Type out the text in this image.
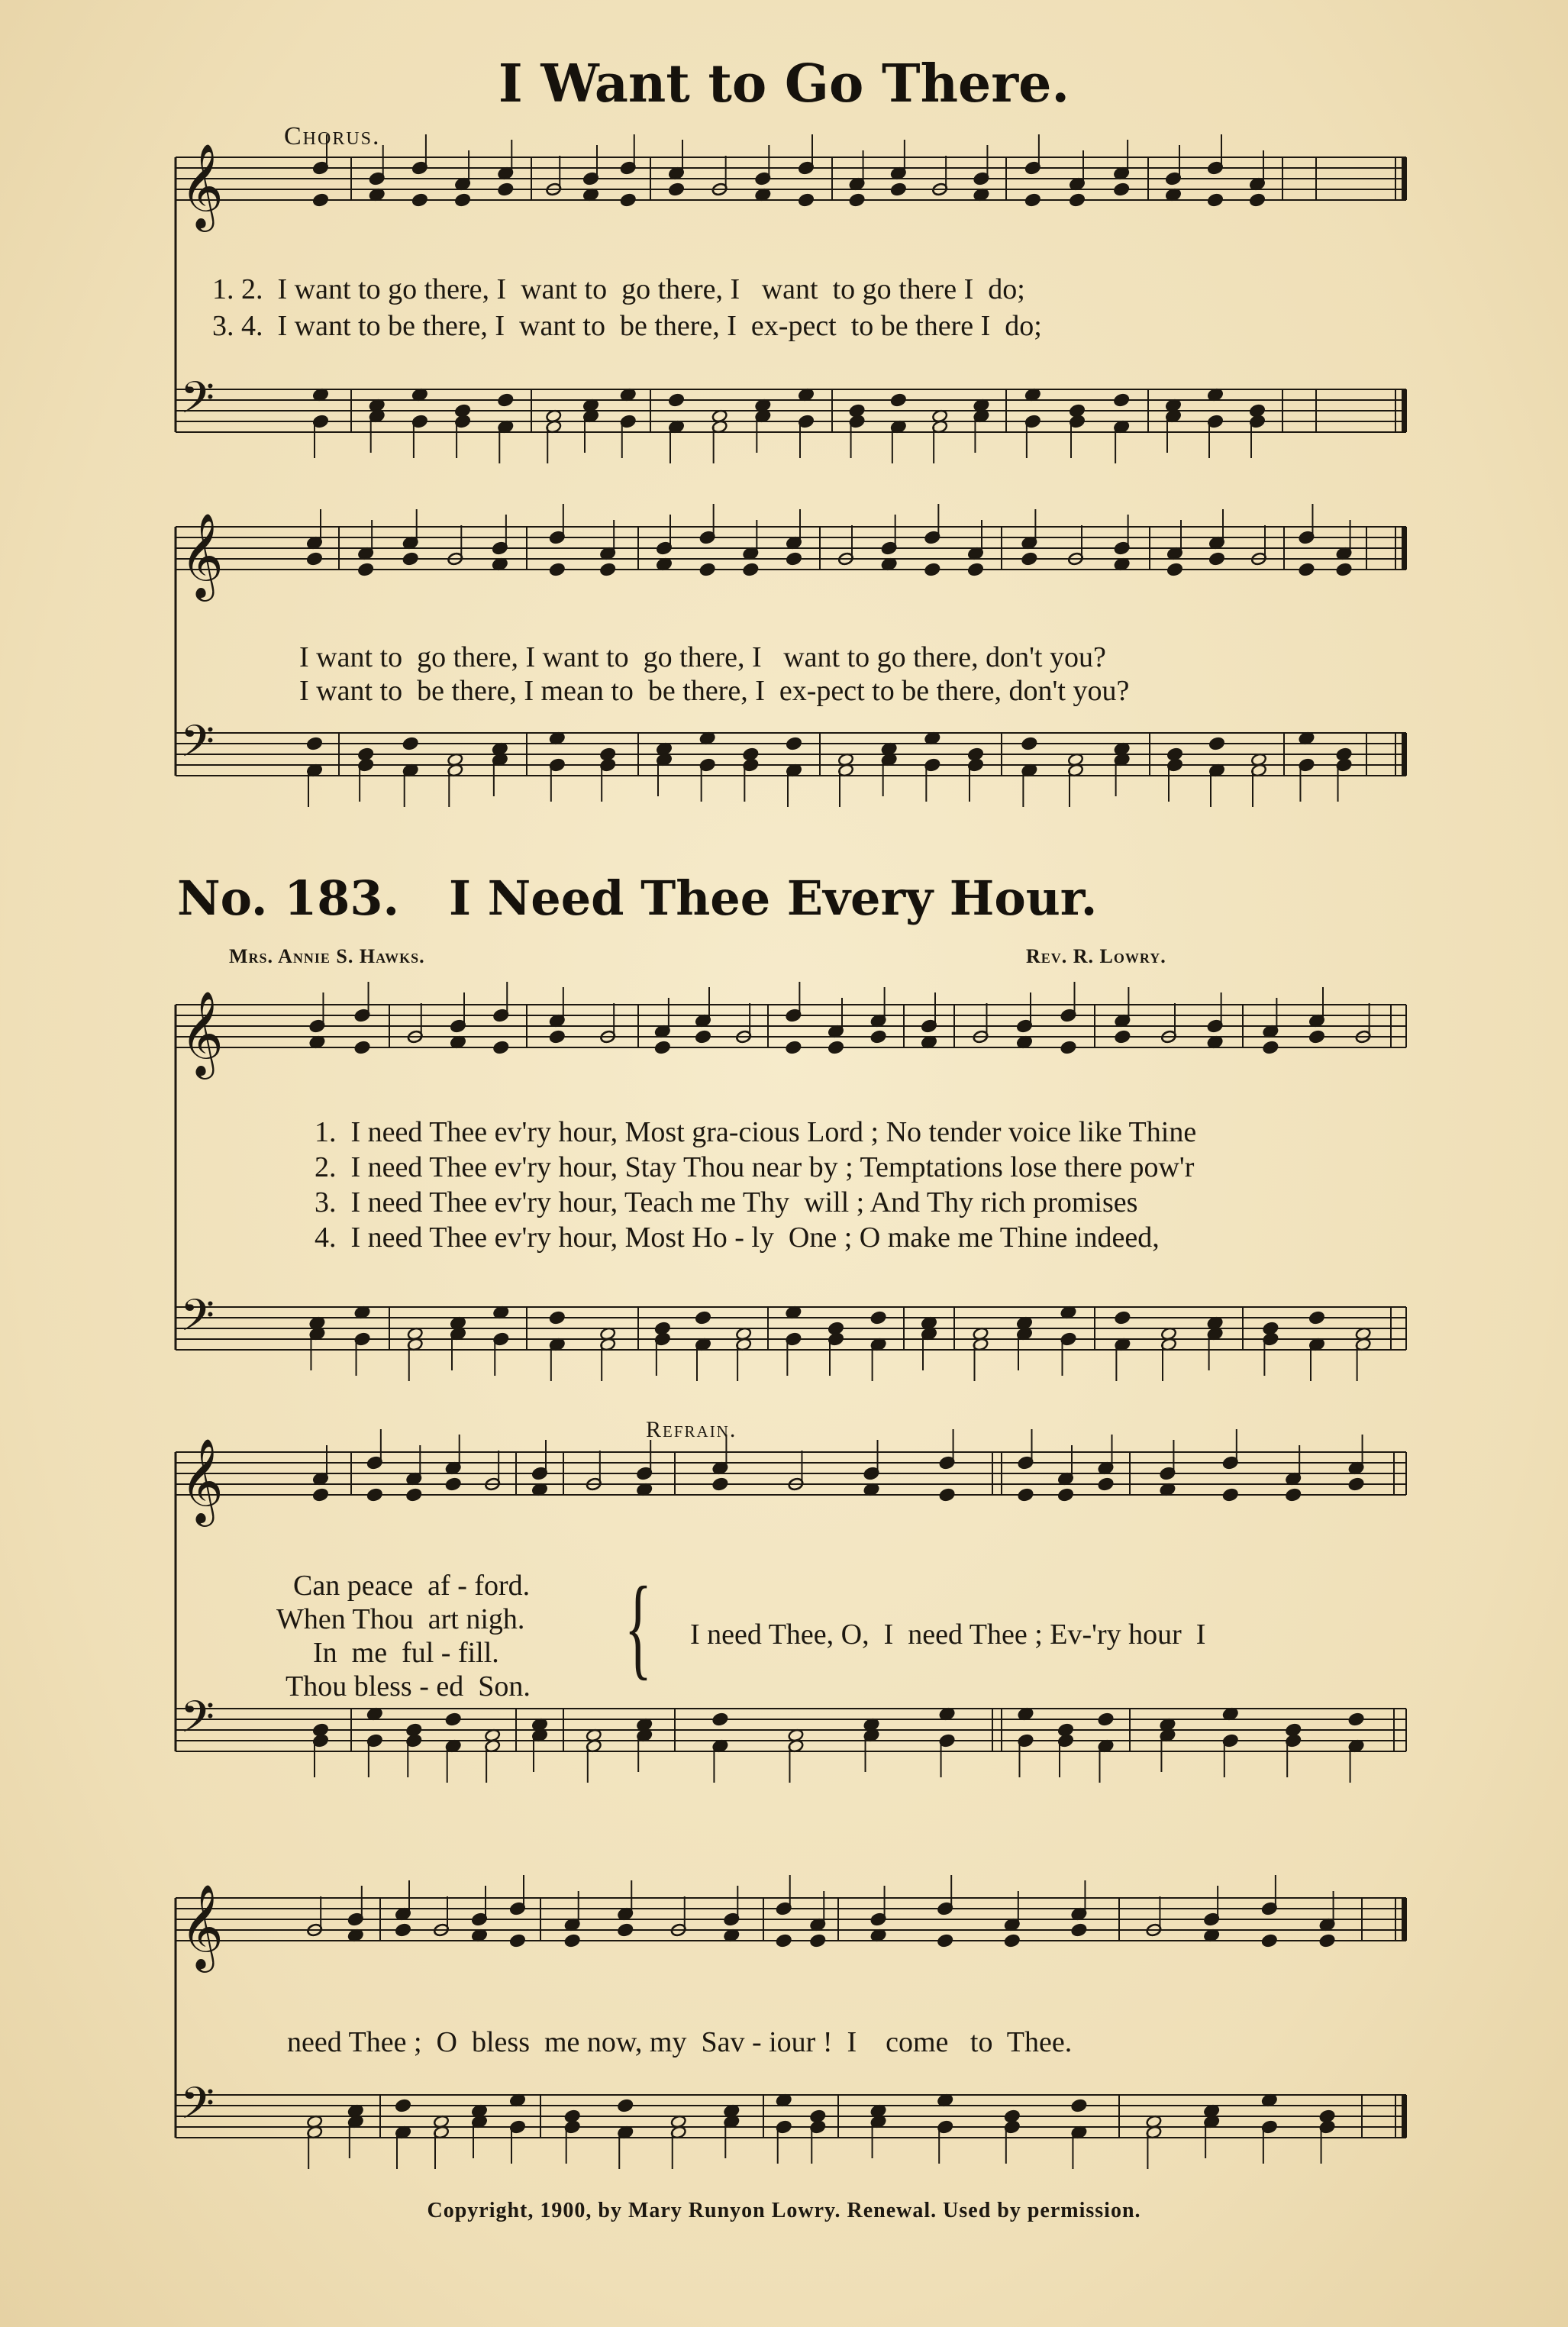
I Want to Go There.
Chorus.
𝄞
𝄢
𝄞
𝄢
𝄞
𝄢
𝄞
𝄢
𝄞
𝄢
1. 2.  I want to go there, I  want to  go there, I   want  to go there I  do;
3. 4.  I want to be there, I  want to  be there, I  ex-pect  to be there I  do;
I want to  go there, I want to  go there, I   want to go there, don't you?
I want to  be there, I mean to  be there, I  ex-pect to be there, don't you?
No. 183. I Need Thee Every Hour.
Mrs. Annie S. Hawks.	Rev. R. Lowry.
1.  I need Thee ev'ry hour, Most gra-cious Lord ; No tender voice like Thine
2.  I need Thee ev'ry hour, Stay Thou near by ; Temptations lose there pow'r
3.  I need Thee ev'ry hour, Teach me Thy  will ; And Thy rich promises
4.  I need Thee ev'ry hour, Most Ho - ly  One ; O make me Thine indeed,
Refrain.
Can peace  af - ford.
When Thou  art nigh.
In  me  ful - fill.
Thou bless - ed  Son. { I need Thee, O,  I  need Thee ; Ev-'ry hour  I
need Thee ;  O  bless  me now, my  Sav - iour !  I    come   to  Thee.
Copyright, 1900, by Mary Runyon Lowry. Renewal. Used by permission.
